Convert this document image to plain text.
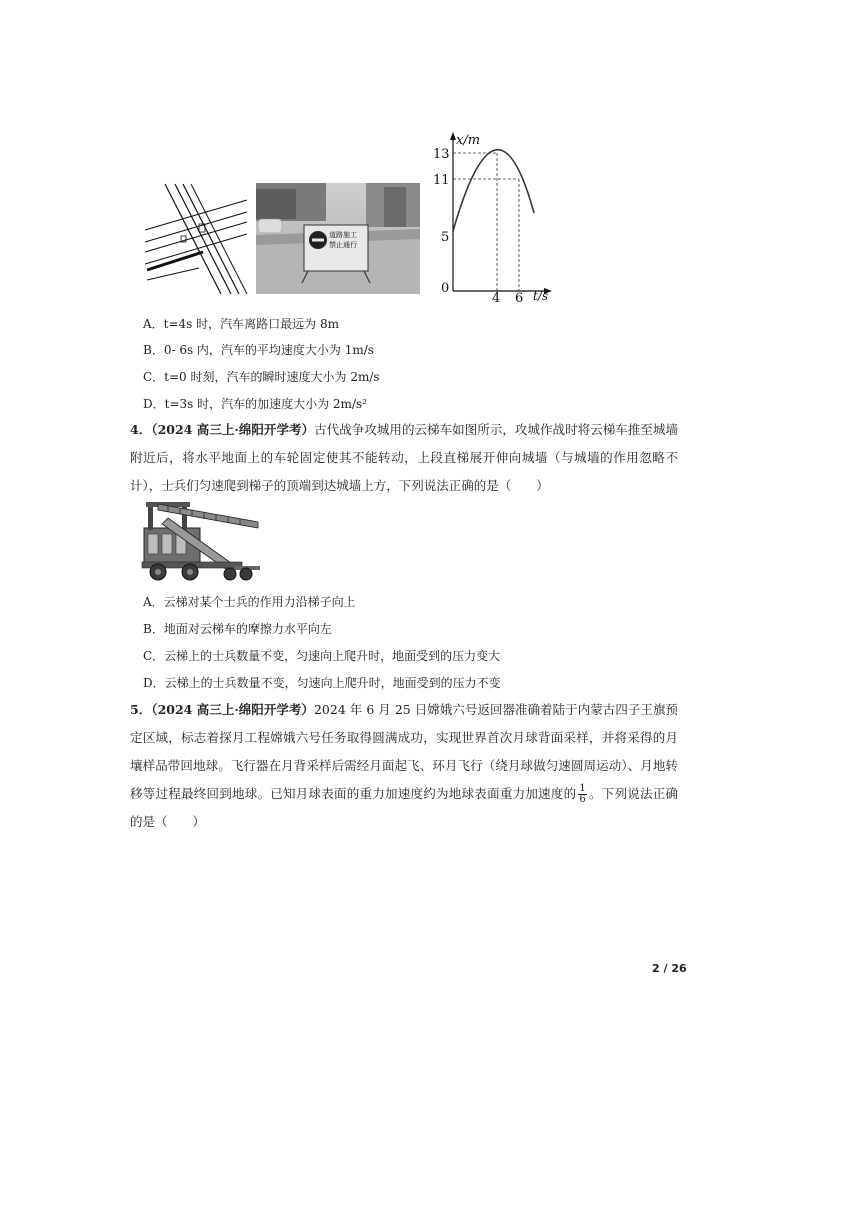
道路施工
禁止通行
x/m
t/s
0
13
11
5
4 6
A．t=4s 时，汽车离路口最远为 8m
B．0- 6s 内，汽车的平均速度大小为 1m/s
C．t=0 时刻，汽车的瞬时速度大小为 2m/s
D．t=3s 时，汽车的加速度大小为 2m/s²
4．（2024 高三上·绵阳开学考）古代战争攻城用的云梯车如图所示，攻城作战时将云梯车推至城墙附近后，将水平地面上的车轮固定使其不能转动，上段直梯展开伸向城墙（与城墙的作用忽略不计），士兵们匀速爬到梯子的顶端到达城墙上方，下列说法正确的是（　　）
A．云梯对某个士兵的作用力沿梯子向上
B．地面对云梯车的摩擦力水平向左
C．云梯上的士兵数量不变，匀速向上爬升时，地面受到的压力变大
D．云梯上的士兵数量不变，匀速向上爬升时，地面受到的压力不变
5．（2024 高三上·绵阳开学考）2024 年 6 月 25 日嫦娥六号返回器准确着陆于内蒙古四子王旗预定区域，标志着探月工程嫦娥六号任务取得圆满成功，实现世界首次月球背面采样，并将采得的月壤样品带回地球。飞行器在月背采样后需经月面起飞、环月飞行（绕月球做匀速圆周运动）、月地转移等过程最终回到地球。已知月球表面的重力加速度约为地球表面重力加速度的 $\frac{1}{6}$ 。下列说法正确的是（　　）
2 / 26
